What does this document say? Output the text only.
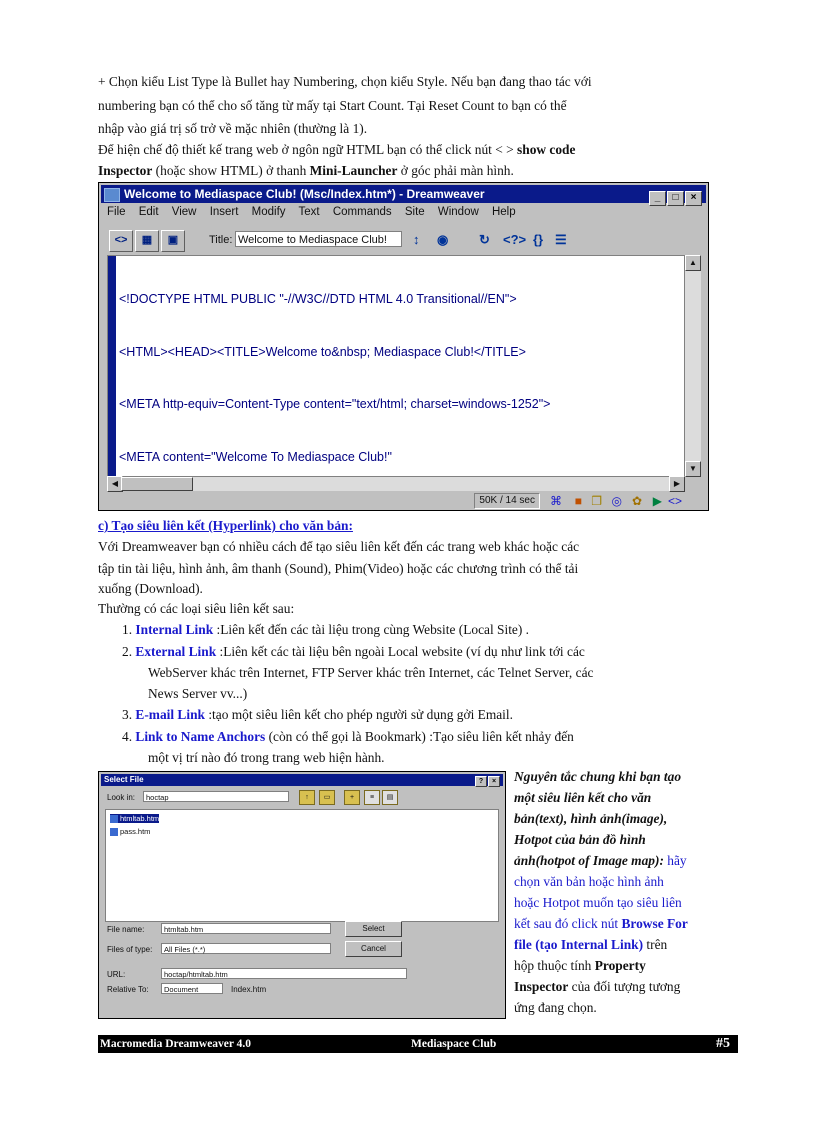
+ Chọn kiểu List Type là Bullet hay Numbering, chọn kiểu Style. Nếu bạn đang thao tác với
numbering bạn có thể cho số tăng từ mấy tại Start Count. Tại Reset Count to bạn có thể
nhập vào giá trị số trở về mặc nhiên (thường là 1).
Để hiện chế độ thiết kế trang web ở ngôn ngữ HTML bạn có thể click nút < > show code
Inspector (hoặc show HTML) ở thanh Mini-Launcher ở góc phải màn hình.
Welcome to Mediaspace Club! (Msc/Index.htm*) - Dreamweaver	_ □ ×
File Edit View Insert Modify Text Commands Site Window Help
<>	▦	▣	Title: Welcome to Mediaspace Club!	↕ ◉ ↻ <?> {} ☰

<!DOCTYPE HTML PUBLIC "-//W3C//DTD HTML 4.0 Transitional//EN">

<HTML><HEAD><TITLE>Welcome to&nbsp; Mediaspace Club!</TITLE>

<META http-equiv=Content-Type content="text/html; charset=windows-1252">

<META content="Welcome To Mediaspace Club!"

▲
▼
◀	▶
50K / 14 sec	⌘ ■ ❐ ◎ ✿ ▶ <>
c) Tạo siêu liên kết (Hyperlink) cho văn bản:
Với Dreamweaver bạn có nhiều cách để tạo siêu liên kết đến các trang web khác hoặc các
tập tin tài liệu, hình ảnh, âm thanh (Sound), Phim(Video) hoặc các chương trình có thể tải
xuống (Download).
Thường có các loại siêu liên kết sau:
1. Internal Link :Liên kết đến các tài liệu trong cùng Website (Local Site) .
2. External Link :Liên kết các tài liệu bên ngoài Local website (ví dụ như link tới các
WebServer khác trên Internet, FTP Server khác trên Internet, các Telnet Server, các
News Server vv...)
3. E-mail Link :tạo một siêu liên kết cho phép người sử dụng gởi Email.
4. Link to Name Anchors (còn có thể gọi là Bookmark) :Tạo siêu liên kết nhảy đến
một vị trí nào đó trong trang web hiện hành.
Select File	? ×
Look in:	hoctap	↑	▭	+	≡	▤
htmltab.htm
pass.htm
File name:	htmltab.htm	Select
Files of type:	All Files (*.*)	Cancel
URL:	hoctap/htmltab.htm
Relative To:	Document	Index.htm
Nguyên tắc chung khi bạn tạo
một siêu liên kết cho văn
bản(text), hình ảnh(image),
Hotpot của bản đồ hình
ảnh(hotpot of Image map): hãy
chọn văn bản hoặc hình ảnh
hoặc Hotpot muốn tạo siêu liên
kết sau đó click nút Browse For
file (tạo Internal Link) trên
hộp thuộc tính Property
Inspector của đối tượng tương
ứng đang chọn.
Macromedia Dreamweaver 4.0	Mediaspace Club	#5
